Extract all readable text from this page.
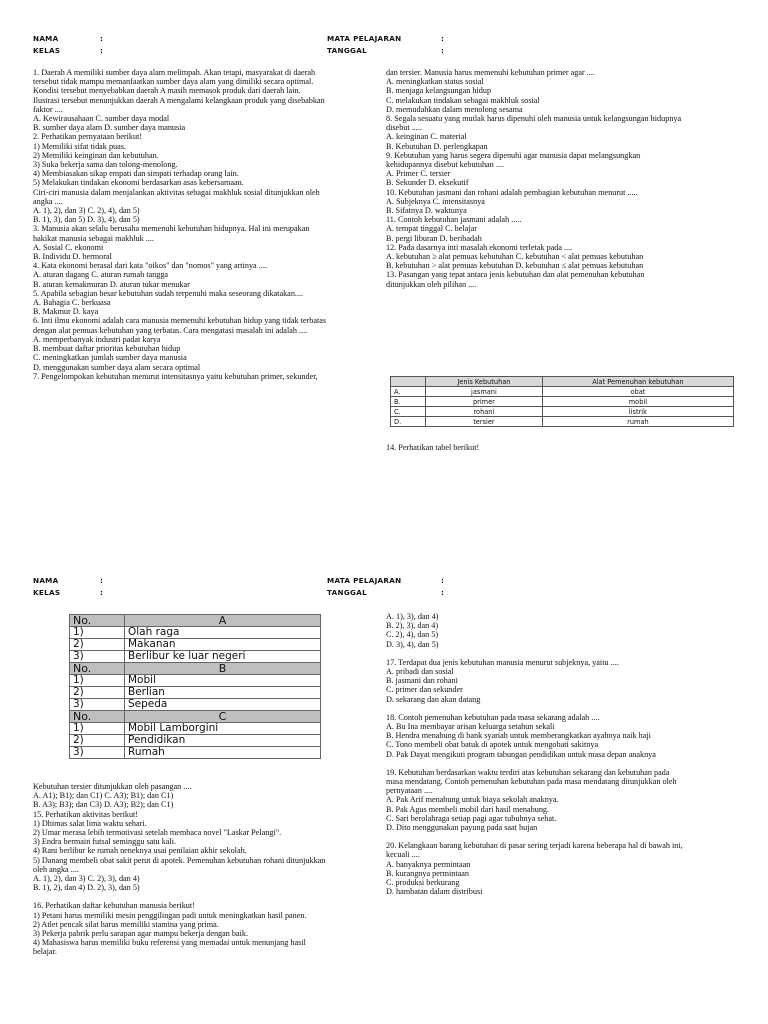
NAMA	:
KELAS	:
MATA PELAJARAN	:
TANGGAL	:
1. Daerah A memiliki sumber daya alam melimpah. Akan tetapi, masyarakat di daerah
tersebut tidak mampu memanfaatkan sumber daya alam yang dimiliki secara optimal.
Kondisi tersebut menyebabkan daerah A masih memasok produk dari daerah lain.
Ilustrasi tersebut menunjukkan daerah A mengalami kelangkaan produk yang disebabkan
faktor ....
A. Kewirausahaan C. sumber daya modal
B. sumber daya alam D. sumber daya manusia
2. Perhatikan pernyataan berikut!
1) Memiliki sifat tidak puas.
2) Memiliki keinginan dan kebutuhan.
3) Suka bekerja sama dan tolong-menolong.
4) Membiasakan sikap empati dan simpati terhadap orang lain.
5) Melakukan tindakan ekonomi berdasarkan asas kebersamaan.
Ciri-ciri manusia dalam menjalankan aktivitas sebagai makhluk sosial ditunjukkan oleh
angka ....
A. 1), 2), dan 3) C. 2), 4), dan 5)
B. 1), 3), dan 5) D. 3), 4), dan 5)
3. Manusia akan selalu berusaha memenuhi kebutuhan hidupnya. Hal ini merupakan
hakikat manusia sebagai makhluk ....
A. Sosial C. ekonomi
B. Individu D. bermoral
4. Kata ekonomi berasal dari kata "oikos" dan "nomos" yang artinya ....
A. aturan dagang C. aturan rumah tangga
B. aturan kemakmuran D. aturan tukar menukar
5. Apabila sebagian besar kebutuhan sudah terpenuhi maka seseorang dikatakan....
A. Bahagia C. berkuasa
B. Makmur D. kaya
6. Inti ilmu ekonomi adalah cara manusia memenuhi kebutuhan hidup yang tidak terbatas
dengan alat pemuas kebutuhan yang terbatas. Cara mengatasi masalah ini adalah ....
A. memperbanyak industri padat karya
B. membuat daftar prioritas kebutuhan hidup
C. meningkatkan jumlah sumber daya manusia
D. menggunakan sumber daya alam secara optimal
7. Pengelompokan kebutuhan menurut intensitasnya yaitu kebutuhan primer, sekunder,
dan tersier. Manusia harus memenuhi kebutuhan primer agar ....
A. meningkatkan status sosial
B. menjaga kelangsungan hidup
C. melakukan tindakan sebagai makhluk sosial
D. memudahkan dalam menolong sesama
8. Segala sesuatu yang mutlak harus dipenuhi oleh manusia untuk kelangsungan hidupnya
disebut .....
A. keinginan C. material
B. Kebutuhan D. perlengkapan
9. Kebutuhan yang harus segera dipenuhi agar manusia dapat melangsungkan
kehidupannya disebut kebutuhan ....
A. Primer C. tersier
B. Sekunder D. eksekutif
10. Kebutuhan jasmani dan rohani adalah pembagian kebutuhan menurut .....
A. Subjeknya C. intensitasnya
B. Sifatnya D. waktunya
11. Contoh kebutuhan jasmani adalah .....
A. tempat tinggal C. belajar
B. pergi liburan D. beribadah
12. Pada dasarnya inti masalah ekonomi terletak pada ....
A. kebutuhan ≥ alat pemuas kebutuhan C. kebutuhan < alat pemuas kebutuhan
B. kebutuhan > alat pemuas kebutuhan D. kebutuhan ≤ alat pemuas kebutuhan
13. Pasangan yang tepat antara jenis kebutuhan dan alat pemenuhan kebutuhan
ditunjukkan oleh pilihan ....
	Jenis Kebutuhan	Alat Pemenuhan kebutuhan
A.	jasmani	obat
B.	primer	mobil
C.	rohani	listrik
D.	tersier	rumah
14. Perhatikan tabel berikut!
NAMA	:
KELAS	:
MATA PELAJARAN	:
TANGGAL	:
Kebutuhan tersier ditunjukkan oleh pasangan ....
A. A1); B1); dan C1) C. A3); B1); dan C1)
B. A3); B3); dan C3) D. A3); B2); dan C1)
15. Perhatikan aktivitas berikut!
1) Dhimas salat lima waktu sehari.
2) Umar merasa lebih termotivasi setelah membaca novel "Laskar Pelangi".
3) Endra bermain futsal seminggu satu kali.
4) Rani berlibur ke rumah neneknya usai penilaian akhir sekolah.
5) Danang membeli obat sakit perut di apotek. Pemenuhan kebutuhan rohani ditunjukkan
oleh angka ....
A. 1), 2), dan 3) C. 2), 3), dan 4)
B. 1), 2), dan 4) D. 2), 3), dan 5)
16. Perhatikan daftar kebutuhan manusia berikut!
1) Petani harus memiliki mesin penggilingan padi untuk meningkatkan hasil panen.
2) Atlet pencak silat harus memiliki stamina yang prima.
3) Pekerja pabrik perlu sarapan agar mampu bekerja dengan baik.
4) Mahasiswa harus memiliki buku referensi yang memadai untuk menunjang hasil
belajar.
A. 1), 3), dan 4)
B. 2), 3), dan 4)
C. 2), 4), dan 5)
D. 3), 4), dan 5)
17. Terdapat dua jenis kebutuhan manusia menurut subjeknya, yaitu ....
A. pribadi dan sosial
B. jasmani dan rohani
C. primer dan sekunder
D. sekarang dan akan datang
18. Contoh pemenuhan kebutuhan pada masa sekarang adalah ....
A. Bu Ina membayar arisan keluarga setahun sekali
B. Hendra menabung di bank syariah untuk memberangkatkan ayahnya naik haji
C. Tono membeli obat batuk di apotek untuk mengobati sakitnya
D. Pak Dayat mengikuti program tabungan pendidikan untuk masa depan anaknya
19. Kebutuhan berdasarkan waktu terdiri atas kebutuhan sekarang dan kebutuhan pada
masa mendatang. Contoh pemenuhan kebutuhan pada masa mendatang ditunjukkan oleh
pernyataan ....
A. Pak Arif menabung untuk biaya sekolah anaknya.
B. Pak Agus membeli mobil dari hasil menabung.
C. Sari berolahraga setiap pagi agar tubuhnya sehat.
D. Dito menggunakan payung pada saat hujan
20. Kelangkaan barang kebutuhan di pasar sering terjadi karena beberapa hal di bawah ini,
kecuali ....
A. banyaknya permintaan
B. kurangnya permintaan
C. produksi berkurang
D. hambatan dalam distribusi
No.	A
1)	Olah raga
2)	Makanan
3)	Berlibur ke luar negeri
No.	B
1)	Mobil
2)	Berlian
3)	Sepeda
No.	C
1)	Mobil Lamborgini
2)	Pendidikan
3)	Rumah
